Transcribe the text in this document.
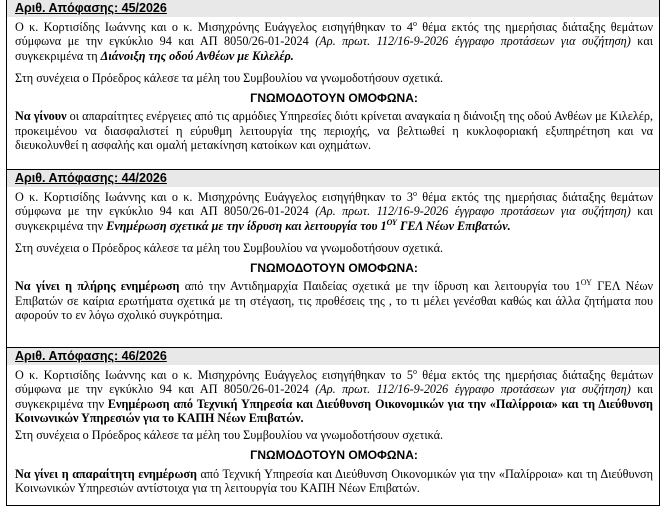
Αριθ. Απόφασης: 45/2026

Ο κ. Κορτισίδης Ιωάννης και ο κ. Μισηχρόνης Ευάγγελος εισηγήθηκαν το $4^o$ θέμα εκτός της ημερήσιας διάταξης θεμάτων σύμφωνα με την εγκύκλιο 94 και ΑΠ 8050/26-01-2024 (Αρ. πρωτ. 112/16-9-2026 έγγραφο προτάσεων για συζήτηση) και συγκεκριμένα τη Διάνοιξη της οδού Ανθέων με Κιλελέρ.

Στη συνέχεια ο Πρόεδρος κάλεσε τα μέλη του Συμβουλίου να γνωμοδοτήσουν σχετικά.

ΓΝΩΜΟΔΟΤΟΥΝ ΟΜΟΦΩΝΑ:

Να γίνουν οι απαραίτητες ενέργειες από τις αρμόδιες Υπηρεσίες διότι κρίνεται αναγκαία η διάνοιξη της οδού Ανθέων με Κιλελέρ, προκειμένου να διασφαλιστεί η εύρυθμη λειτουργία της περιοχής, να βελτιωθεί η κυκλοφοριακή εξυπηρέτηση και να διευκολυνθεί η ασφαλής και ομαλή μετακίνηση κατοίκων και οχημάτων.

Αριθ. Απόφασης: 44/2026

Ο κ. Κορτισίδης Ιωάννης και ο κ. Μισηχρόνης Ευάγγελος εισηγήθηκαν το $3^o$ θέμα εκτός της ημερήσιας διάταξης θεμάτων σύμφωνα με την εγκύκλιο 94 και ΑΠ 8050/26-01-2024 (Αρ. πρωτ. 112/16-9-2026 έγγραφο προτάσεων για συζήτηση) και συγκεκριμένα την Ενημέρωση σχετικά με την ίδρυση και λειτουργία του $1^{O\Upsilon}$ ΓΕΛ Νέων Επιβατών.

Στη συνέχεια ο Πρόεδρος κάλεσε τα μέλη του Συμβουλίου να γνωμοδοτήσουν σχετικά.

ΓΝΩΜΟΔΟΤΟΥΝ ΟΜΟΦΩΝΑ:

Να γίνει η πλήρης ενημέρωση από την Αντιδημαρχία Παιδείας σχετικά με την ίδρυση και λειτουργία του $1^{O\Upsilon}$ ΓΕΛ Νέων Επιβατών σε καίρια ερωτήματα σχετικά με τη στέγαση, τις προθέσεις της , το τι μέλει γενέσθαι καθώς και άλλα ζητήματα που αφορούν το εν λόγω σχολικό συγκρότημα.

Αριθ. Απόφασης: 46/2026

Ο κ. Κορτισίδης Ιωάννης και ο κ. Μισηχρόνης Ευάγγελος εισηγήθηκαν το $5^o$ θέμα εκτός της ημερήσιας διάταξης θεμάτων σύμφωνα με την εγκύκλιο 94 και ΑΠ 8050/26-01-2024 (Αρ. πρωτ. 112/16-9-2026 έγγραφο προτάσεων για συζήτηση) και συγκεκριμένα την Ενημέρωση από Τεχνική Υπηρεσία και Διεύθυνση Οικονομικών για την «Παλίρροια» και τη Διεύθυνση Κοινωνικών Υπηρεσιών για το ΚΑΠΗ Νέων Επιβατών.

Στη συνέχεια ο Πρόεδρος κάλεσε τα μέλη του Συμβουλίου να γνωμοδοτήσουν σχετικά.

ΓΝΩΜΟΔΟΤΟΥΝ ΟΜΟΦΩΝΑ:

Να γίνει η απαραίτητη ενημέρωση από Τεχνική Υπηρεσία και Διεύθυνση Οικονομικών για την «Παλίρροια» και τη Διεύθυνση Κοινωνικών Υπηρεσιών αντίστοιχα για τη λειτουργία του ΚΑΠΗ Νέων Επιβατών.
